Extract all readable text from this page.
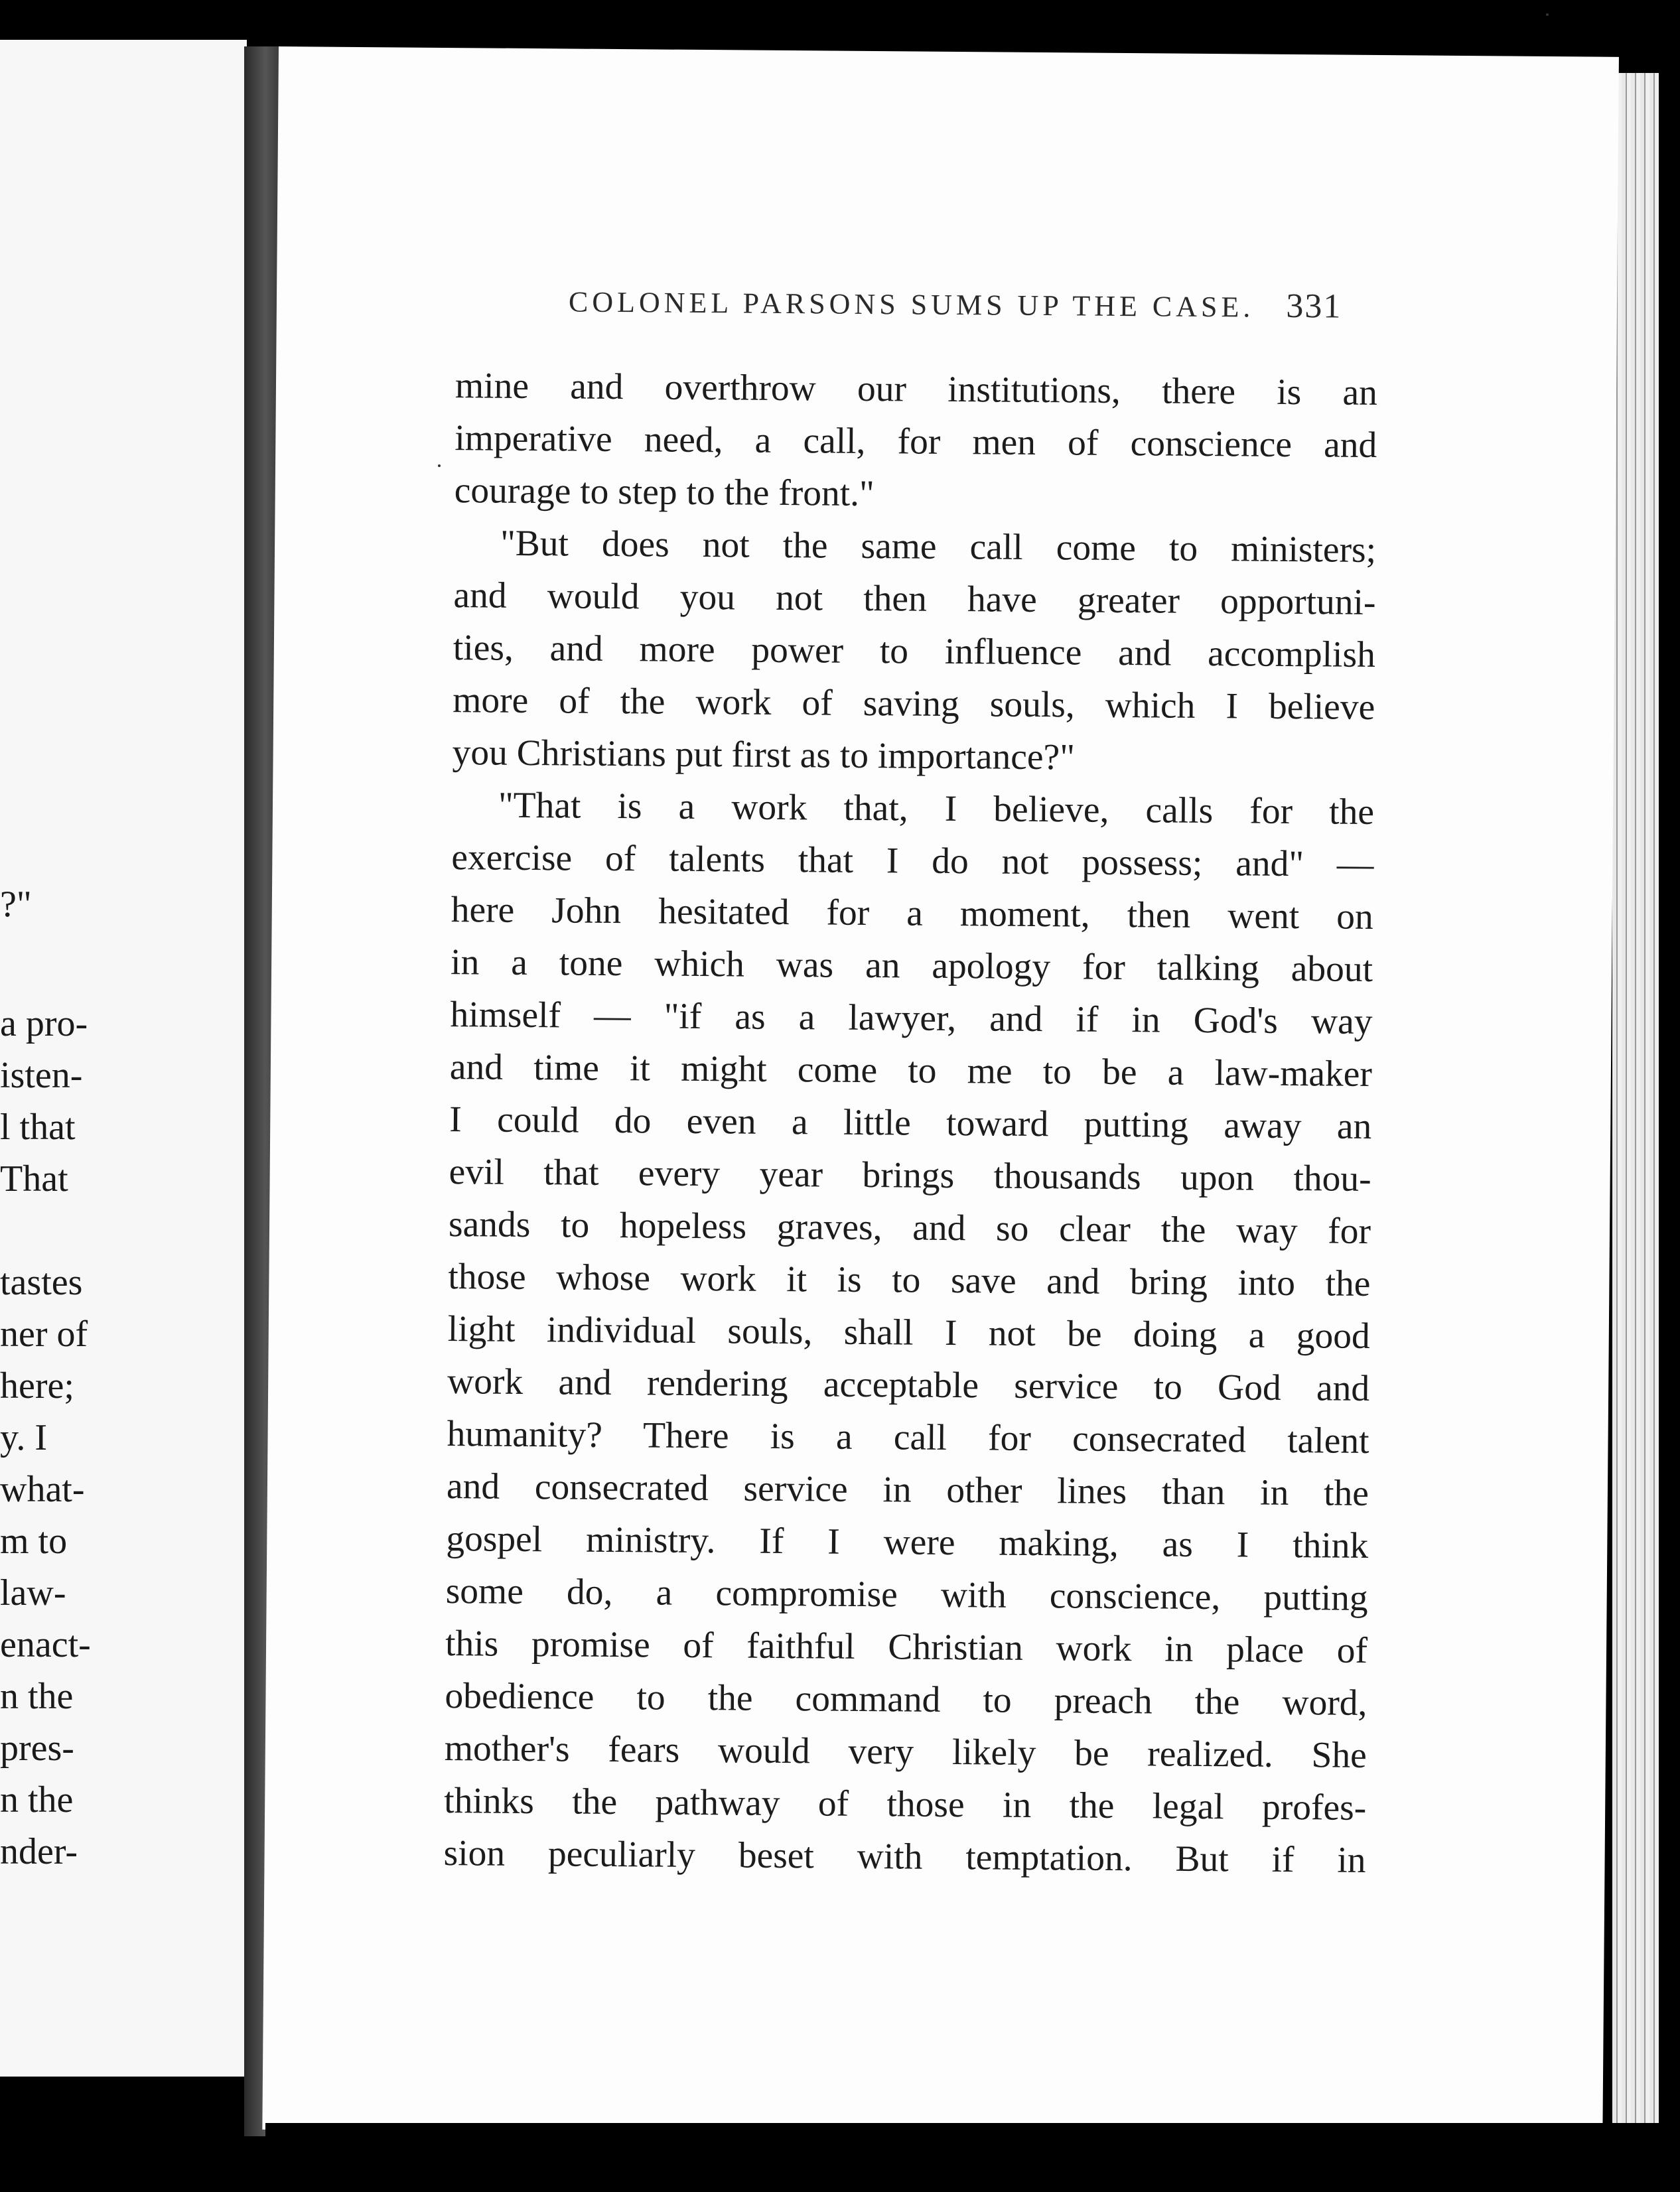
?"
a pro-
isten-
l that
That
tastes
ner of
here;
y. I
what-
m to
law-
enact-
n the
pres-
n the
nder-
COLONEL PARSONS SUMS UP THE CASE. 331
mine and overthrow our institutions, there is an
imperative need, a call, for men of conscience and
courage to step to the front."
"But does not the same call come to ministers;
and would you not then have greater opportuni-
ties, and more power to influence and accomplish
more of the work of saving souls, which I believe
you Christians put first as to importance?"
"That is a work that, I believe, calls for the
exercise of talents that I do not possess; and" —
here John hesitated for a moment, then went on
in a tone which was an apology for talking about
himself — "if as a lawyer, and if in God's way
and time it might come to me to be a law-maker
I could do even a little toward putting away an
evil that every year brings thousands upon thou-
sands to hopeless graves, and so clear the way for
those whose work it is to save and bring into the
light individual souls, shall I not be doing a good
work and rendering acceptable service to God and
humanity? There is a call for consecrated talent
and consecrated service in other lines than in the
gospel ministry. If I were making, as I think
some do, a compromise with conscience, putting
this promise of faithful Christian work in place of
obedience to the command to preach the word,
mother's fears would very likely be realized. She
thinks the pathway of those in the legal profes-
sion peculiarly beset with temptation. But if in
